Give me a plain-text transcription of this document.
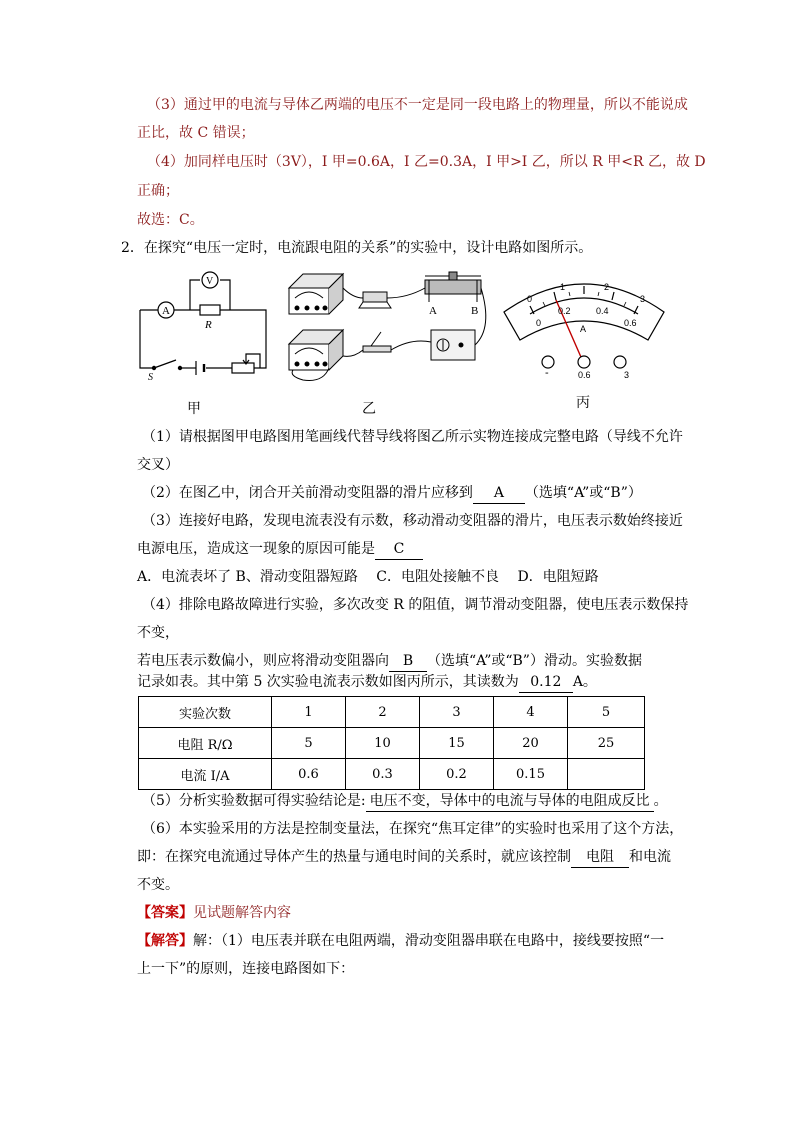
（3）通过甲的电流与导体乙两端的电压不一定是同一段电路上的物理量，所以不能说成
正比，故 C 错误；
（4）加同样电压时（3V），I 甲=0.6A，I 乙=0.3A，I 甲>I 乙，所以 R 甲<R 乙，故 D
正确；
故选：C。
2．在探究“电压一定时，电流跟电阻的关系”的实验中，设计电路如图所示。
A
V
R
S
A	B
0
1	2
3
0
0.2	0.4
0.6
A
-	0.6	3
甲	乙	丙
（1）请根据图甲电路图用笔画线代替导线将图乙所示实物连接成完整电路（导线不允许
交叉）
（2）在图乙中，闭合开关前滑动变阻器的滑片应移到 A （选填“A”或“B”）
（3）连接好电路，发现电流表没有示数，移动滑动变阻器的滑片，电压表示数始终接近
电源电压，造成这一现象的原因可能是 C
A．电流表坏了 B、滑动变阻器短路　 C．电阻处接触不良　 D．电阻短路
（4）排除电路故障进行实验，多次改变 R 的阻值，调节滑动变阻器，使电压表示数保持
不变，
若电压表示数偏小，则应将滑动变阻器向 B （选填“A”或“B”）滑动。实验数据
记录如表。其中第 5 次实验电流表示数如图丙所示，其读数为 0.12 A。
实验次数	1	2	3	4	5
电阻 R/Ω	5	10	15	20	25
电流 I/A	0.6	0.3	0.2	0.15	
（5）分析实验数据可得实验结论是: 电压不变，导体中的电流与导体的电阻成反比 。
（6）本实验采用的方法是控制变量法，在探究“焦耳定律”的实验时也采用了这个方法，
即：在探究电流通过导体产生的热量与通电时间的关系时，就应该控制 电阻 和电流
不变。
【答案】见试题解答内容
【解答】解：（1）电压表并联在电阻两端，滑动变阻器串联在电路中，接线要按照“一
上一下”的原则，连接电路图如下：
